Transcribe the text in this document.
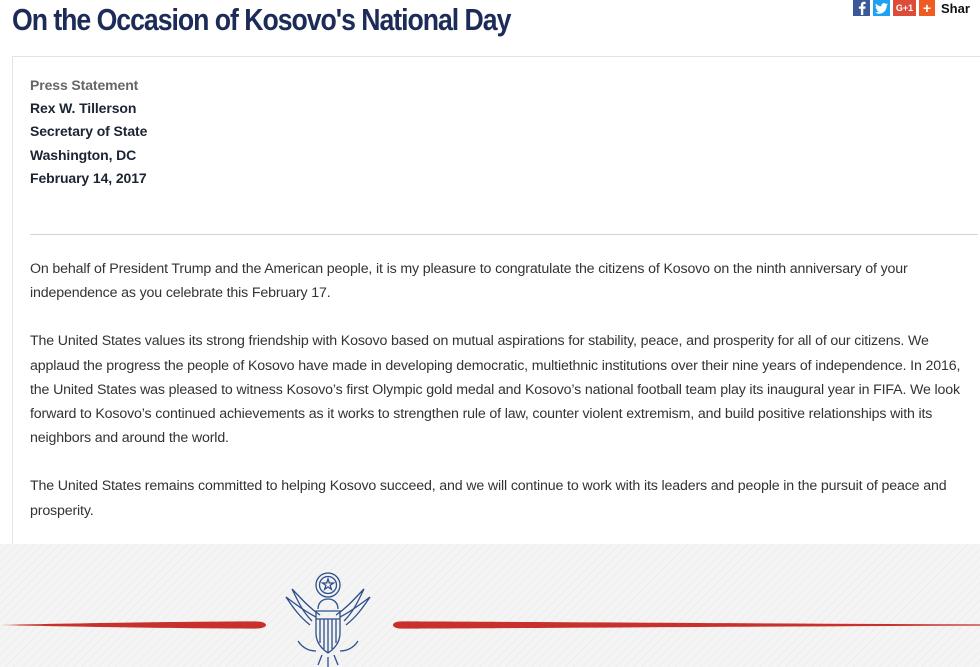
On the Occasion of Kosovo's National Day	G+1 + Shar
Press Statement
Rex W. Tillerson
Secretary of State
Washington, DC
February 14, 2017

On behalf of President Trump and the American people, it is my pleasure to congratulate the citizens of Kosovo on the ninth anniversary of your independence as you celebrate this February 17.

The United States values its strong friendship with Kosovo based on mutual aspirations for stability, peace, and prosperity for all of our citizens. We applaud the progress the people of Kosovo have made in developing democratic, multiethnic institutions over their nine years of independence. In 2016, the United States was pleased to witness Kosovo’s first Olympic gold medal and Kosovo’s national football team play its inaugural year in FIFA. We look forward to Kosovo’s continued achievements as it works to strengthen rule of law, counter violent extremism, and build positive relationships with its neighbors and around the world.

The United States remains committed to helping Kosovo succeed, and we will continue to work with its leaders and people in the pursuit of peace and prosperity.
